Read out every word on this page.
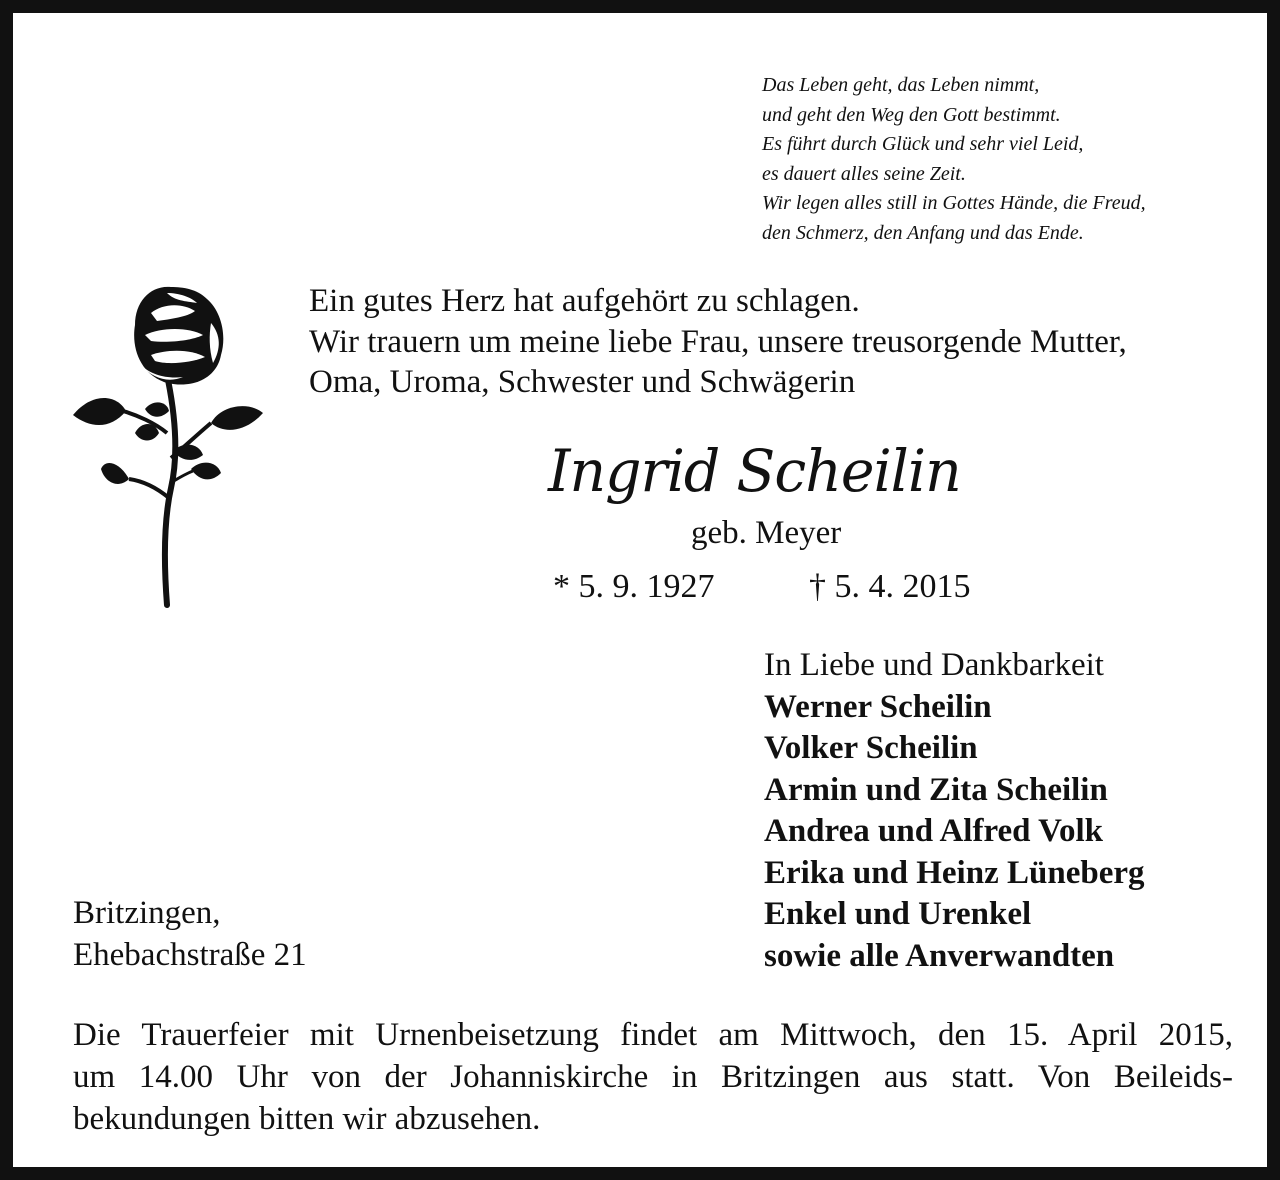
Das Leben geht, das Leben nimmt,
und geht den Weg den Gott bestimmt.
Es führt durch Glück und sehr viel Leid,
es dauert alles seine Zeit.
Wir legen alles still in Gottes Hände, die Freud,
den Schmerz, den Anfang und das Ende.
Ein gutes Herz hat aufgehört zu schlagen.
Wir trauern um meine liebe Frau, unsere treusorgende Mutter,
Oma, Uroma, Schwester und Schwägerin
Ingrid Scheilin
geb. Meyer
* 5. 9. 1927	† 5. 4. 2015
In Liebe und Dankbarkeit
Werner Scheilin
Volker Scheilin
Armin und Zita Scheilin
Andrea und Alfred Volk
Erika und Heinz Lüneberg
Enkel und Urenkel
sowie alle Anverwandten
Britzingen,
Ehebachstraße 21
Die Trauerfeier mit Urnenbeisetzung findet am Mittwoch, den 15. April 2015,
um 14.00 Uhr von der Johanniskirche in Britzingen aus statt. Von Beileids-
bekundungen bitten wir abzusehen.
